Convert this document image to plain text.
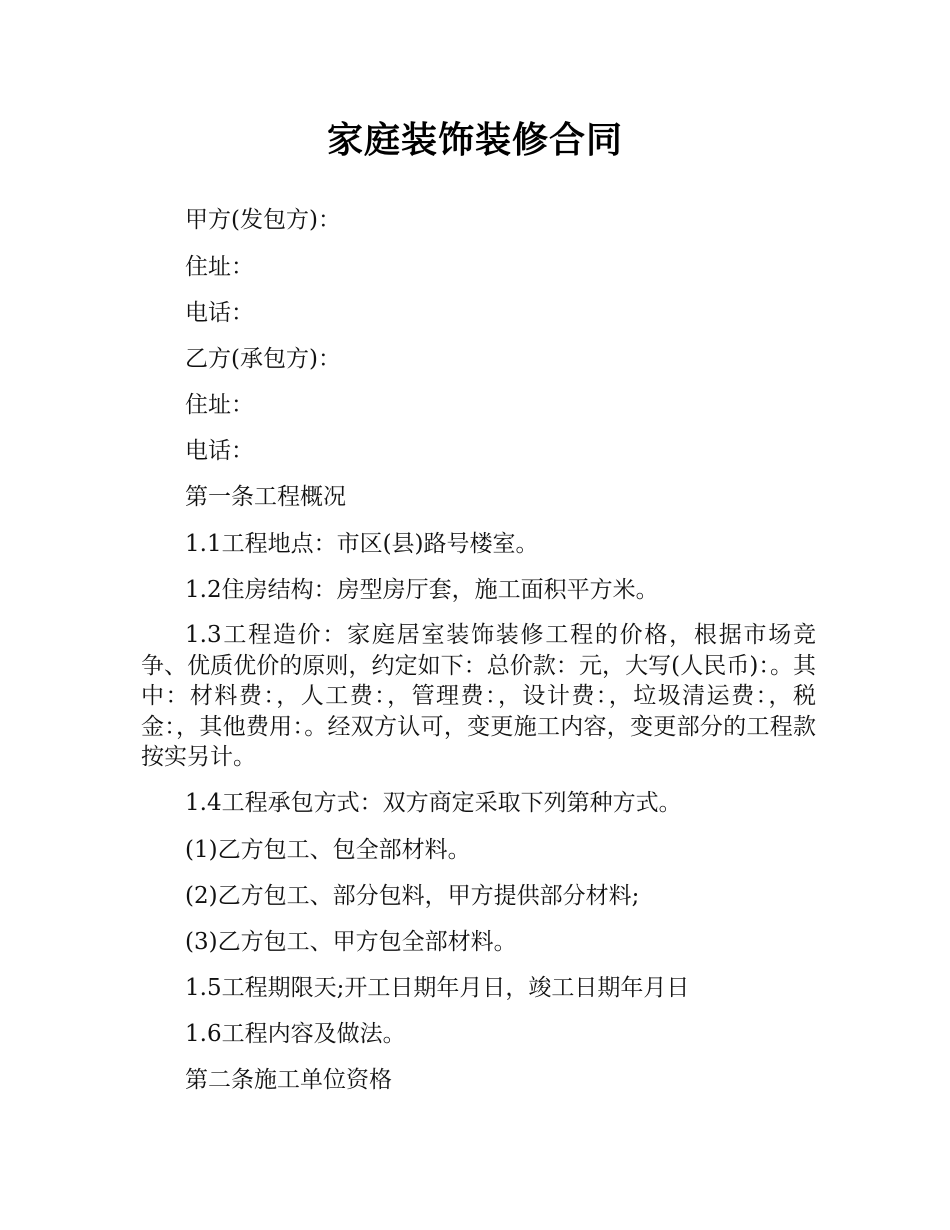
家庭装饰装修合同
甲方(发包方)：
住址：
电话：
乙方(承包方)：
住址：
电话：
第一条工程概况
1.1工程地点：市区(县)路号楼室。
1.2住房结构：房型房厅套，施工面积平方米。
1.3工程造价：家庭居室装饰装修工程的价格，根据市场竞争、优质优价的原则，约定如下：总价款：元，大写(人民币)：。其中：材料费：，人工费：，管理费：，设计费：，垃圾清运费：，税金：，其他费用：。经双方认可，变更施工内容，变更部分的工程款按实另计。
1.4工程承包方式：双方商定采取下列第种方式。
(1)乙方包工、包全部材料。
(2)乙方包工、部分包料，甲方提供部分材料;
(3)乙方包工、甲方包全部材料。
1.5工程期限天;开工日期年月日，竣工日期年月日
1.6工程内容及做法。
第二条施工单位资格
